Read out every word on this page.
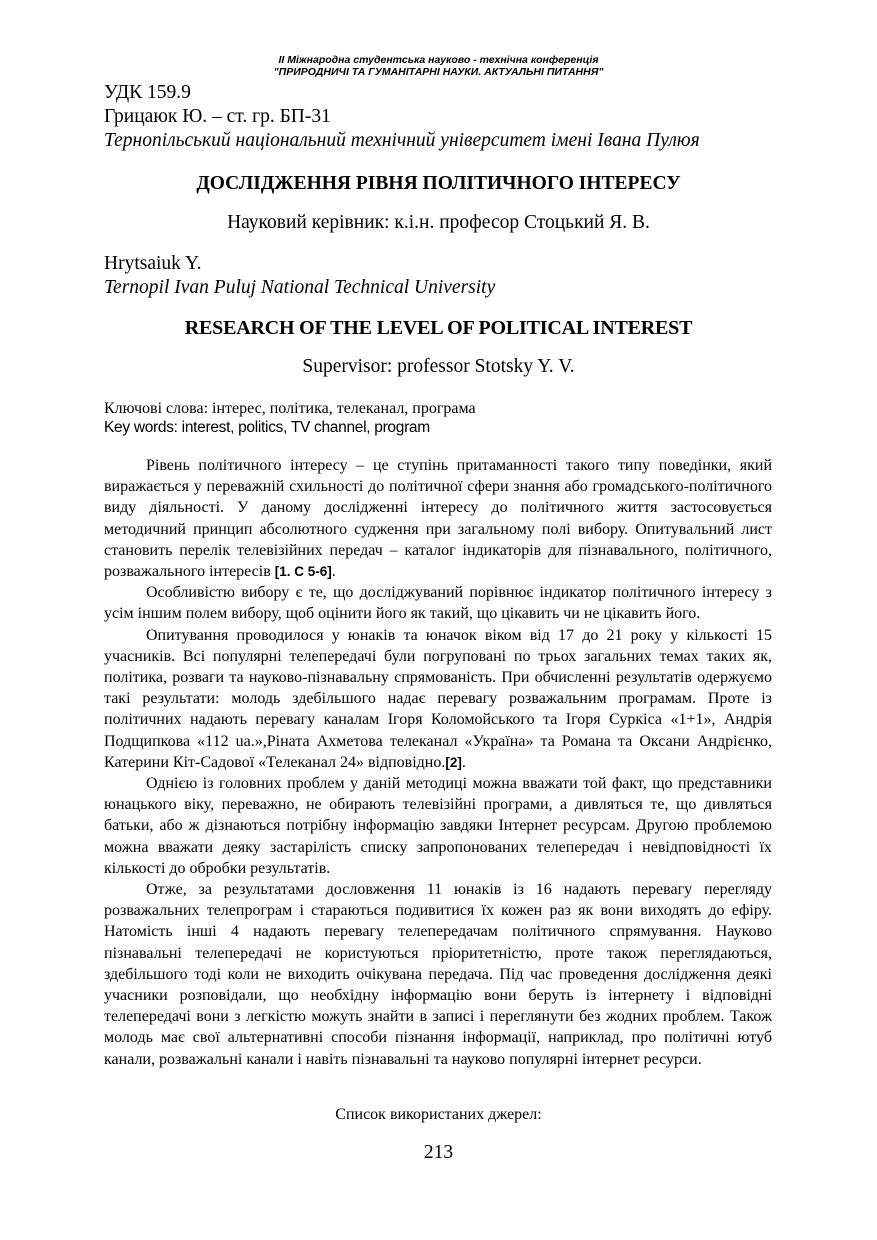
II Міжнародна студентська науково - технічна конференція
"ПРИРОДНИЧІ ТА ГУМАНІТАРНІ НАУКИ. АКТУАЛЬНІ ПИТАННЯ"
УДК 159.9
Грицаюк Ю. – ст. гр. БП-31
Тернопільський національний технічний університет імені Івана Пулюя
ДОСЛІДЖЕННЯ РІВНЯ ПОЛІТИЧНОГО ІНТЕРЕСУ
Науковий керівник: к.і.н. професор Стоцький Я. В.
Hrytsaiuk Y.
Ternopil Ivan Puluj National Technical University
RESEARCH OF THE LEVEL OF POLITICAL INTEREST
Supervisor: professor Stotsky Y. V.
Ключові слова: інтерес, політика, телеканал, програма
Key words: interest, politics, TV channel, program

Рівень політичного інтересу – це ступінь притаманності такого типу поведінки, який виражається у переважній схильності до політичної сфери знання або громадського-політичного виду діяльності. У даному дослідженні інтересу до політичного життя застосовується методичний принцип абсолютного судження при загальному полі вибору. Опитувальний лист становить перелік телевізійних передач – каталог індикаторів для пізнавального, політичного, розважального інтересів [1. С 5-6].

Особливістю вибору є те, що досліджуваний порівнює індикатор політичного інтересу з усім іншим полем вибору, щоб оцінити його як такий, що цікавить чи не цікавить його.

Опитування проводилося у юнаків та юначок віком від 17 до 21 року у кількості 15 учасників. Всі популярні телепередачі були погруповані по трьох загальних темах таких як, політика, розваги та науково-пізнавальну спрямованість. При обчисленні результатів одержуємо такі результати: молодь здебільшого надає перевагу розважальним програмам. Проте із політичних надають перевагу каналам Ігоря Коломойського та Ігоря Суркіса «1+1», Андрія Подщипкова «112 ua.»,Ріната Ахметова телеканал «Україна» та Романа та Оксани Андрієнко, Катерини Кіт-Садової «Телеканал 24» відповідно.[2].

Однією із головних проблем у даній методиці можна вважати той факт, що представники юнацького віку, переважно, не обирають телевізійні програми, а дивляться те, що дивляться батьки, або ж дізнаються потрібну інформацію завдяки Інтернет ресурсам. Другою проблемою можна вважати деяку застарілість списку запропонованих телепередач і невідповідності їх кількості до обробки результатів.

Отже, за результатами дословження 11 юнаків із 16 надають перевагу перегляду розважальних телепрограм і стараються подивитися їх кожен раз як вони виходять до ефіру. Натомість інші 4 надають перевагу телепередачам політичного спрямування. Науково пізнавальні телепередачі не користуються пріоритетністю, проте також переглядаються, здебільшого тоді коли не виходить очікувана передача. Під час проведення дослідження деякі учасники розповідали, що необхідну інформацію вони беруть із інтернету і відповідні телепередачі вони з легкістю можуть знайти в записі і переглянути без жодних проблем. Також молодь має свої альтернативні способи пізнання інформації, наприклад, про політичні ютуб канали, розважальні канали і навіть пізнавальні та науково популярні інтернет ресурси.

Список використаних джерел:
213
